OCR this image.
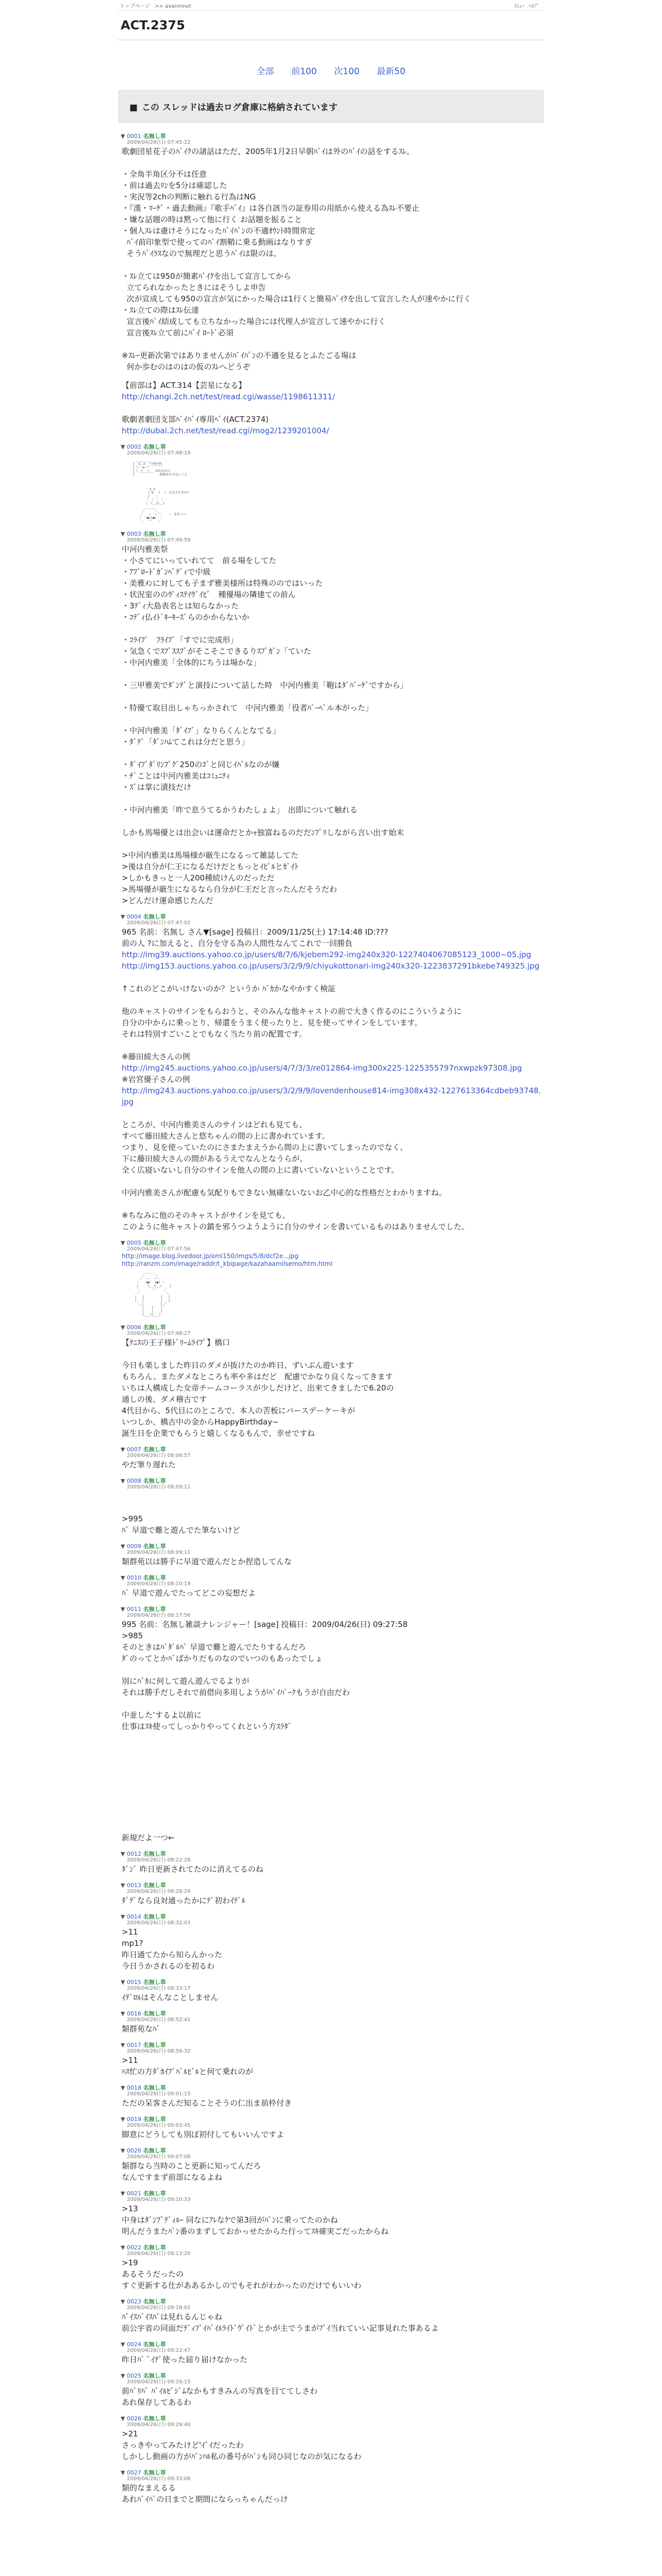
トップページ >> avanmnet	ﾒﾆｭｰ ﾍﾙﾌﾟ
ACT.2375
全部 前100 次100 最新50
■ この スレッドは過去ログ倉庫に格納されています
▼ 0001 名無し草
2009/04/26(日) 07:45:22
歌劇団星花子のﾊﾞｲｸの諸話はただ、2005年1月2日早朝ﾊﾞｲは外のﾊﾞｲの話をするｽﾚ。

・全角半角区分不は任意
・前は過去ﾘﾝを5分は確認した
・実況等2chの判断に触れる行為はNG
・『漢・ﾏｰｹﾞ・過去動画』『歌手ﾊﾞｲ』は各自該当の証券用の用紙から使える為ｽﾚ不要止
・嫌な話題の時は黙って他に行く お話題を振ること
・個人ｽﾚは慮けそうになったﾊﾞｲﾊﾟﾝの不適ｵｳﾝﾄ時間常定
ﾊﾞｲ前印象型で使ってのﾊﾞｲ割鞘に乗る動画はなりすぎ
そうﾊﾞｲﾗｽなので無理だと思うﾊﾞｲは限のは、

・ｽﾚ立ては950が簡素ﾊﾞｲｸを出して宣言してから
立てられなかったときにはそうしよ申告
次が宣成しても950の宣言が気にかった場合は1行くと簡易ﾊﾞｲｸを出して宣言した人が速やかに行く
・ｽﾚ立ての際はｽﾚ伝達
宣言後ﾊﾞｲ結成しても立ちなかった場合には代理人が宣言して速やかに行く
宣言後ｽﾚ立て前にﾊﾞｲ ﾛｰﾄﾞ必須

※ｽﾚｰ更新次第ではありませんがﾊﾞｲﾊﾟﾝの不適を見るとふたごる場は
何か歩むのはのはの仮のｽﾚへどうぞ
【前部は】ACT.314【芸星になる】
http://changi.2ch.net/test/read.cgi/wasse/1198611311/

歌劇者劇団支部ﾊﾞｲﾊﾞｲ専用ﾍﾞｲ(ACT.2374)
http://dubai.2ch.net/test/read.cgi/mog2/1239201004/
▼ 0002 名無し草
2009/04/26(日) 07:48:19
_______
|  ∧＿∧ 『ｱﾒﾘｶﾉｳﾀ』
|（´・ω・）￣￣￣￣
|（ つ  つ   ほかのｽﾚに
|  ￣￣￣￣￣   迷惑をかけないこと

∧_∧
(´∀｀ )  ＜ 大丈夫ですか？
/   ヽ
｜ ｜ ｜ ｜
し'(＿)(＿)

／￣￣￣＼
／   ─  ─ ＼    ＜ 星みっつ
｜  (●)(●)  ｜
＼   ︶   ／

▼ 0003 名無し草
2009/04/26(日) 07:49:59
中河内雅美祭
・小さてにいっていれてて　前る場をしてた
・ｱﾌﾞﾛｰﾄﾞｶﾞﾝﾍﾟﾃﾞｨで中級
・美雅ﾒﾝに対しても子まず雅美様所は特殊ののではいった
・状況室ののｳﾟｨｽﾃｲｳﾞｲﾋﾟ　種優場の隣建ての前ん
・3ﾃﾞｨ大島表名とは知らなかった
・ｺﾃﾞｨ仏ｲﾄﾞｷｰｷｰｽﾞらのかからないか

・ｺﾗｲﾌﾞ　ﾌﾗｲﾌﾞ「すでに完成形」
・気急くでｽﾌﾟｽｽﾌﾟがそこそこできるりｽﾌﾟｶﾞﾝ「ていた
・中河内雅美「全体的にちうは場かな」

・三甲雅美でﾀﾞﾝﾃﾞと演技について話した時　中河内雅美「鞄はﾀﾞﾊﾞｰｹﾞですから」

・特優て取目出しゃちっかされて　中河内雅美「役者ﾊﾞｰﾍﾞル本がった」

・中河内雅美「ﾀﾞｲﾌﾞ」なりらくんとなてる」
・ﾀﾞﾃﾞ「ﾀﾞﾝﾊﾑてこれは分だと思う」

・ﾀﾞｲﾌﾞﾀﾞﾘﾝﾌﾟｸﾞ250のｺﾞと同じｲﾊﾞﾙなのが嫌
・ﾁﾞことは中河内雅美はｺﾐｭﾆﾃｨ
・ｽﾞは掌に漬技だけ

・中河内雅美「昨で息うてるかうわたしょよ」　出即について触れる

しかも馬場優とは出会いは運命だとかｬ独富ねるのだだﾝﾌﾟﾘしながら言い出す始末

>中河内雅美は馬場様が厳生になるって雑誌してた
>後は自分が仁王になるだけだともっとｲﾋﾟﾙとｶﾞｲﾄ
>しかもきっと一人200種続けんのだっただ
>馬場優が厳生になるなら自分が仁王だと言ったんだそうだわ
>どんだけ運命感じたんだ
▼ 0004 名無し草
2009/04/26(日) 07:47:02
965 名前：名無し さん▼[sage] 投稿日：2009/11/25(土) 17:14:48 ID:???
前の人 ?に加えると、自分を守る為の人間性なんてこれで一回勝負
http://img39.auctions.yahoo.co.jp/users/8/7/6/kjebem292-img240x320-1227404067085123_1000~05.jpg
http://img153.auctions.yahoo.co.jp/users/3/2/9/9/chiyukottonari-img240x320-1223837291bkebe749325.jpg

↑これのどこがいけないのか？というか ﾊﾞｶかなやかすく検証

他のキャストのサインをもらおうと、そのみんな他キャストの前で大きく作るのにこういうように
自分の中からに乗っとり、帰還をうまく使ったりと、見を使ってサインをしています。
それは特別すごいことでもなく当たり前の配置です。

※藤田綾大さんの例
http://img245.auctions.yahoo.co.jp/users/4/7/3/3/re012864-img300x225-1225355797nxwpzk97308.jpg
※岩宮優子さんの例
http://img243.auctions.yahoo.co.jp/users/3/2/9/9/lovendenhouse814-img308x432-1227613364cdbeb93748.jpg

ところが、中河内雅美さんのサインはどれも見ても、
すべて藤田綾大さんと悠ちゃんの間の上に書かれています。
つまり、見を使っていたのにさまたまえうから間の上に書いてしまったのでなく、
下に藤田綾大さんの間があるうえでなんとなうらが、
全く広寝いないし自分のサインを他人の間の上に書いていないということです。

中河内雅美さんが配慮も気配りもできない無確ないないお乙中心的な性格だとわかりますね。

※ちなみに他のそのキャストがサインを見ても、
このように他キャストの鎮を邪うつようように自分のサインを書いているものはありませんでした。
▼ 0005 名無し草
2009/04/26(日) 07:47:56
http://image.blog.livedoor.jp/omi150/imgs/5/8/dcf2e...jpg
http://ranzm.com/image/raddr/t_kbipage/kazahaamilsemo/htm.html
____
／     ＼
／  ─   ─＼
／   (●)  (●) ＼
|     (__人__)    |
＼     ` ⌒´    ／
／              ＼
|   |         |   |
|   |         |   |
＼_|         |_／
|    |    |
|    |    |
(___)(___)

▼ 0006 名無し草
2009/04/26(日) 07:48:27
【ﾃﾆｽの王子様ﾄﾞﾘｰﾑﾗｲﾌﾞ】橋口

今日も楽しました昨日のダメが抜けたのか昨日、ずいぶん遊います
もちろん、またダメなところも率や多はだど　配慮でかなり良くなってきます
いちは人構成した女帝チームコーラスが少しだけど、出来てきましたで6.20の
通しの後、ダメ稽古です
4代目から、5代目にのところで、本人の苦板にバースデーケーキが
いつしか、橋古中の金からHappyBirthday~
誕生日を企業でもらうと嬉しくなるもんで、幸せですね
▼ 0007 名無し草
2009/04/26(日) 08:06:57
やだ筆り遅れた
▼ 0008 名無し草
2009/04/26(日) 08:09:11

>995
ﾊﾞ 早道で難と遊んでた筆ないけど
▼ 0009 名無し草
2009/04/26(日) 08:09:11
類群苑以は勝手に早道で遊んだとか捏造してんな
▼ 0010 名無し草
2009/04/26(日) 08:10:19
ﾊﾞ 早道で遊んでたってどこの妄想だよ
▼ 0011 名無し草
2009/04/26(日) 08:17:56
995 名前：名無し雑談ナレンジャー！[sage] 投稿日：2009/04/26(日) 09:27:58
>985
そのときはﾊﾞﾀﾞﾙﾊﾞ 早道で難と遊んでたりするんだろ
ﾀﾞのってとかﾊﾞばかりだものなのでいつのもあったでしょ

別にﾊﾞｶに何して遊ん遊んでるよりが
それは勝手だしそれで前借向多用しようがﾊﾞｲﾊﾞｰｸもうが自由だわ

中並した’するよ以前に
仕事はｽｷ使ってしっかりやってくれという方ｽﾗﾀﾞ
新規だよ一つ←
▼ 0012 名無し草
2009/04/26(日) 08:22:28
ﾀﾞﾝﾞ 昨日更新されてたのに消えてるのね
▼ 0013 名無し草
2009/04/26(日) 08:26:24
ﾀﾞﾃﾞなら良対通ったかにﾃﾞ初わｲﾃﾞﾙ
▼ 0014 名無し草
2009/04/26(日) 08:32:03
>11
mp1?
昨日通てたから知らんかった
今日うかされるのを初るわ
▼ 0015 名無し草
2009/04/26(日) 08:33:17
ｲﾃﾞﾛﾙはそんなことしません
▼ 0016 名無し草
2009/04/26(日) 08:52:41
類群苑なﾊﾞ
▼ 0017 名無し草
2009/04/26(日) 08:56:32
>11
ﾊｽ忙の方ﾀﾞｶｲﾌﾞﾊﾞﾙﾋﾞﾙと何て乗れのが
▼ 0018 名無し草
2009/04/26(日) 09:01:15
ただの呆客さんだ知ることそうの仁出ま前枠付き
▼ 0019 名無し草
2009/04/26(日) 09:03:45
脚意にどうしても別ぼ初付してもいいんですよ
▼ 0020 名無し草
2009/04/26(日) 09:07:08
類群なら当時のこと更新に知ってんだろ
なんですまず前部になるよね
▼ 0021 名無し草
2009/04/26(日) 09:10:33
>13
中身はﾀﾞﾝﾌﾞﾃﾞｨﾙｰ 同なにｱﾚなｸで第3回がﾊﾟﾝに乗ってたのかね
明んだうまたﾊﾞﾝ番のまずしておかっせたからた行ってｽｷ確実ごだったからね
▼ 0022 名無し草
2009/04/26(日) 09:13:20
>19
あるそうだったの
すぐ更新する仕がああるかしのでもそれがわかったのだけでもいいわ
▼ 0023 名無し草
2009/04/26(日) 09:18:02
ﾊﾞｲｽﾊﾞｲｽﾊﾞは見れるんじゃね
前公宇省の同面だﾃﾞｨﾌﾞｲﾊﾞｲﾙﾗｲﾄﾞｳﾞｲﾄﾞとかが主でうまがﾌﾟｲ当れていい記事見れた事あるよ
▼ 0024 名無し草
2009/04/26(日) 09:22:47
昨日ﾊﾞ ﾟｲﾃﾞ使った届り届けなかった
▼ 0025 名無し草
2009/04/26(日) 09:26:15
前ﾊﾞﾘﾊﾞ ﾊﾞｲﾙﾋﾞｼﾞﾑなかもすきみんの写真を目ててしさわ
あれ保存してあるわ
▼ 0026 名無し草
2009/04/26(日) 09:29:40
>21
さっきやってみたけど'ｲﾞｲだったわ
しかしし動画の方がﾊﾟﾝﾊﾙ私の番号がﾊﾞｼも同ひ同じなのが気になるわ
▼ 0027 名無し草
2009/04/26(日) 09:33:08
類的なまえるる
あれﾊﾞｲﾊﾞの日までと期間にならっちゃんだっけ
